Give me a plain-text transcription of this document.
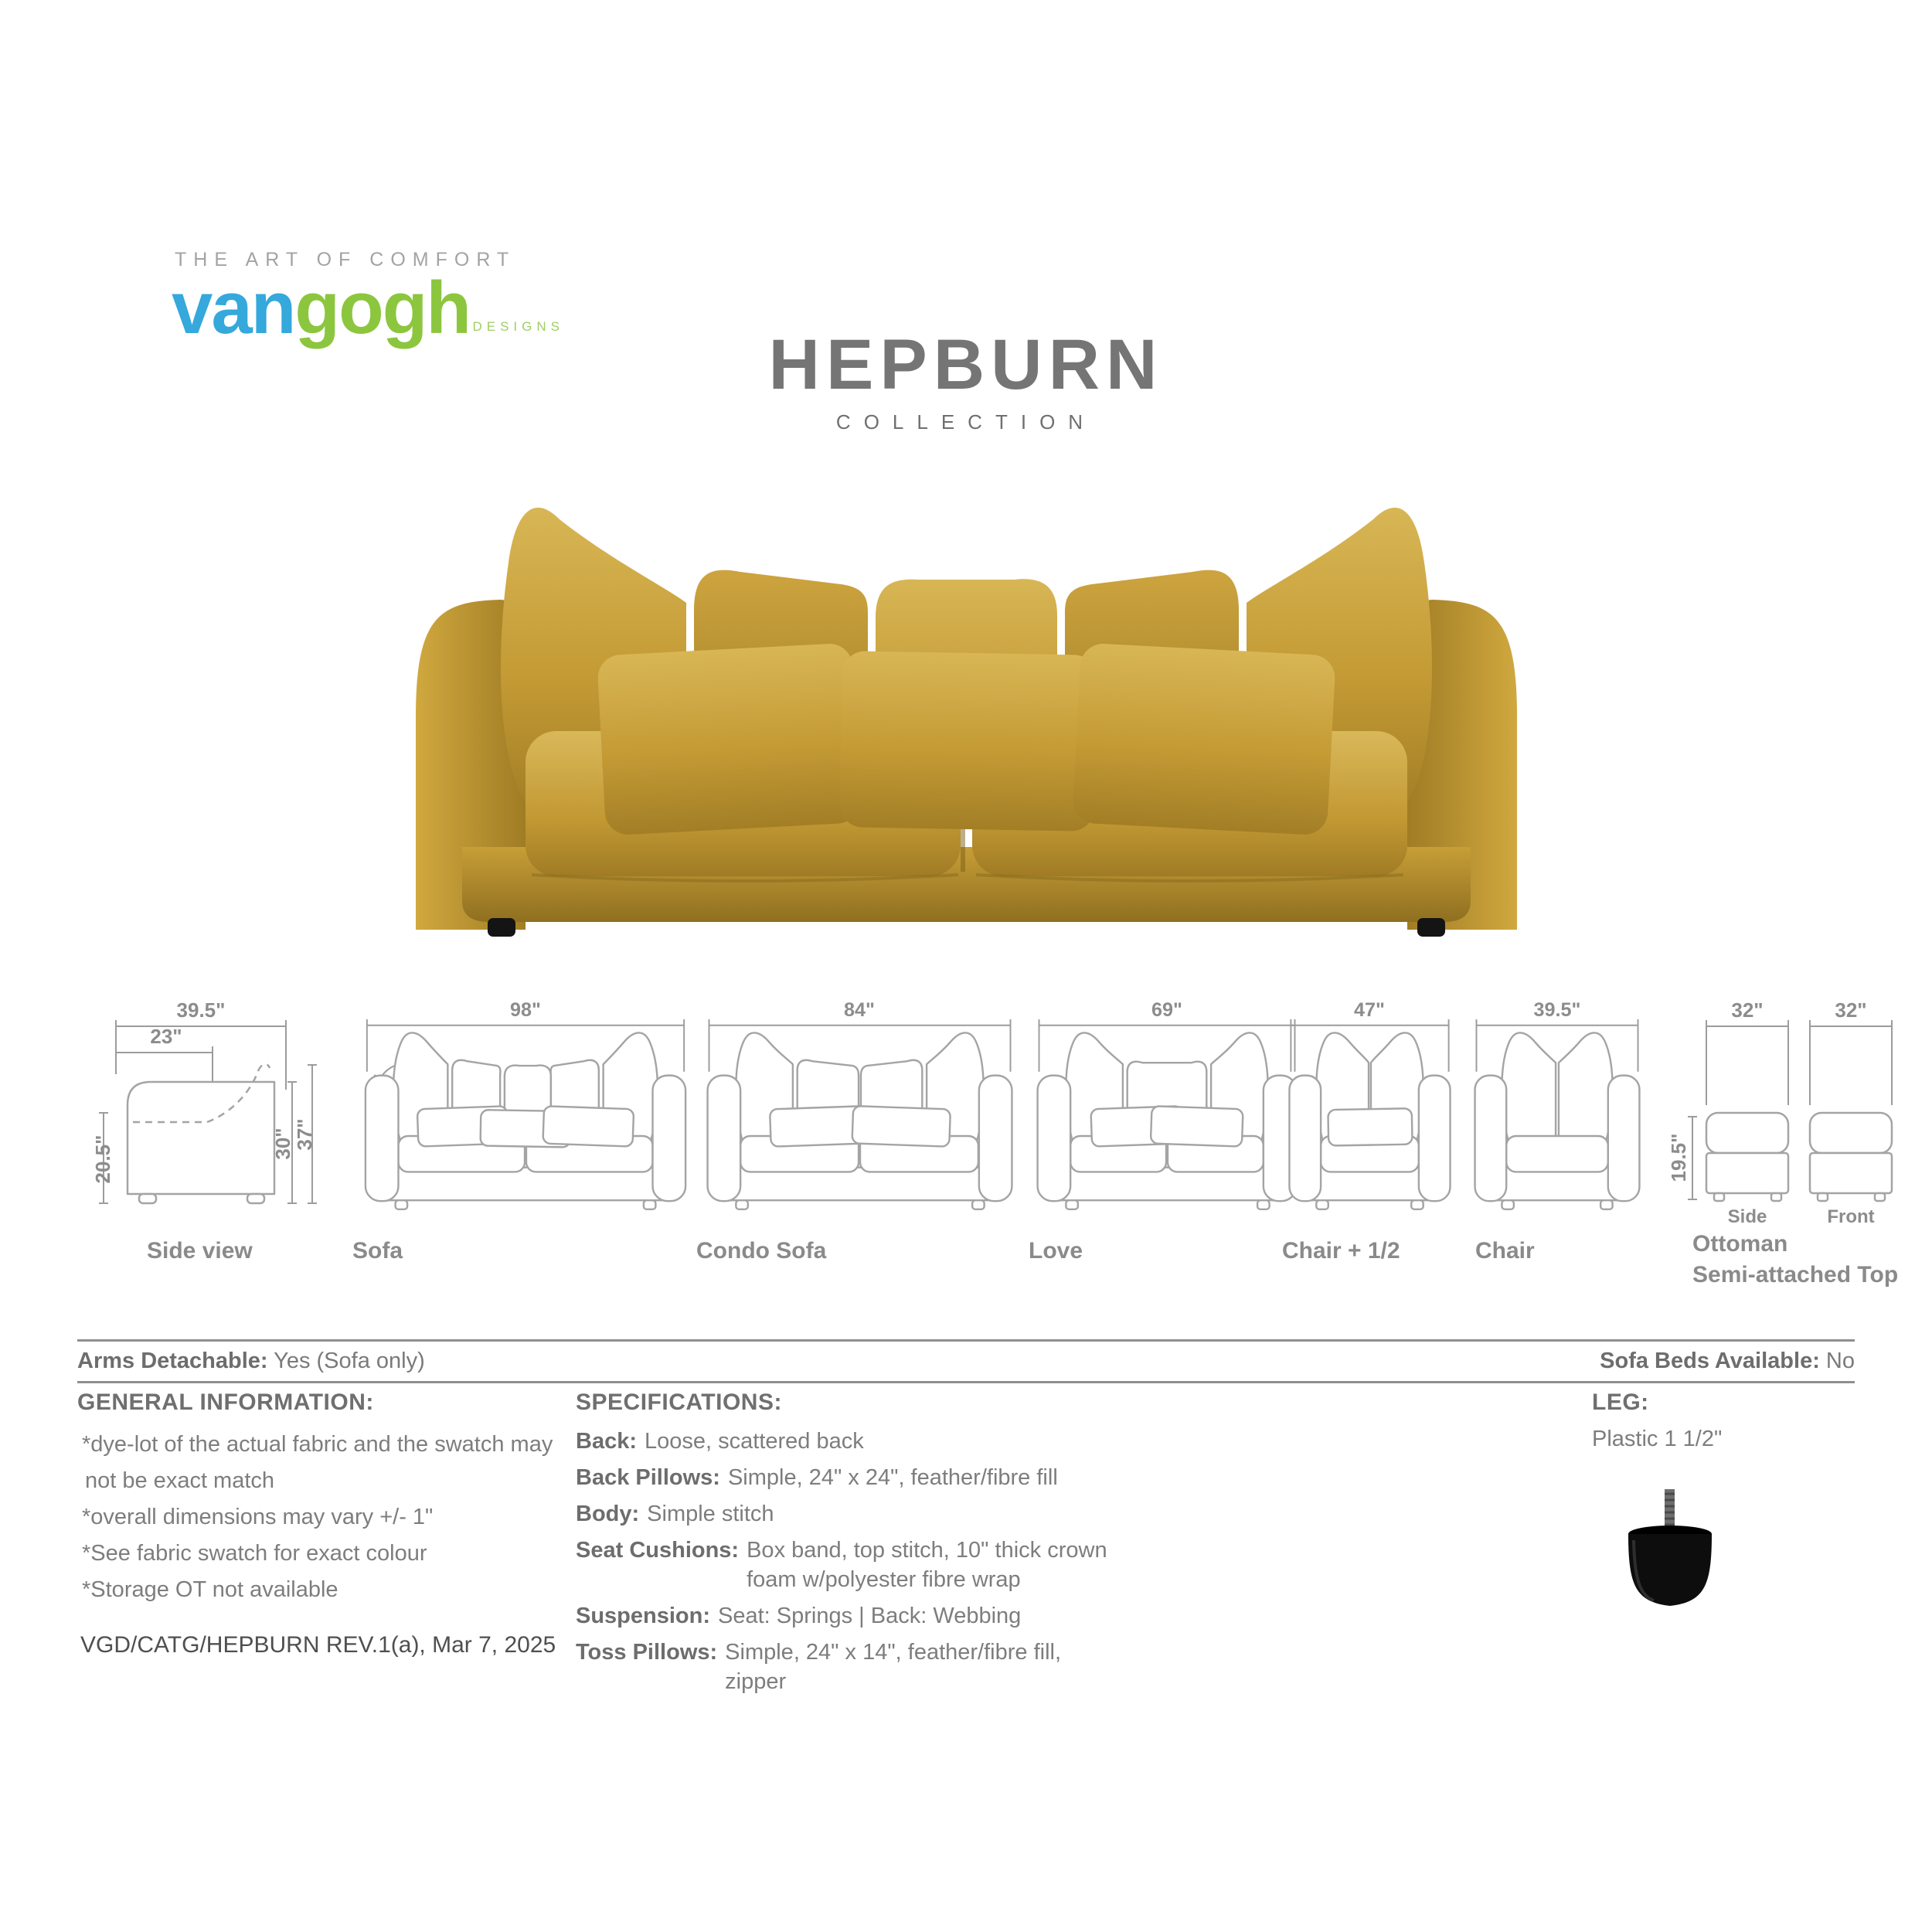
THE ART OF COMFORT
vangogh DESIGNS	HEPBURN
COLLECTION
39.5"
23"
20.5"	30"
37"
Side view
98"
Sofa
84"
Condo Sofa
69"
Love
47"
Chair + 1/2
39.5"
Chair
32"	32"
19.5"
Side	Front
Ottoman
Semi-attached Top
Arms Detachable: Yes (Sofa only)	Sofa Beds Available: No
GENERAL INFORMATION:
*dye-lot of the actual fabric and the swatch may not be exact match
*overall dimensions may vary +/- 1"
*See fabric swatch for exact colour
*Storage OT not available
SPECIFICATIONS:
Back: Loose, scattered back
Back Pillows: Simple, 24" x 24", feather/fibre fill
Body: Simple stitch
Seat Cushions: Box band, top stitch, 10" thick crown foam w/polyester fibre wrap
Suspension: Seat: Springs | Back: Webbing
Toss Pillows: Simple, 24" x 14", feather/fibre fill, zipper
LEG:
Plastic 1 1/2"
VGD/CATG/HEPBURN REV.1(a), Mar 7, 2025
